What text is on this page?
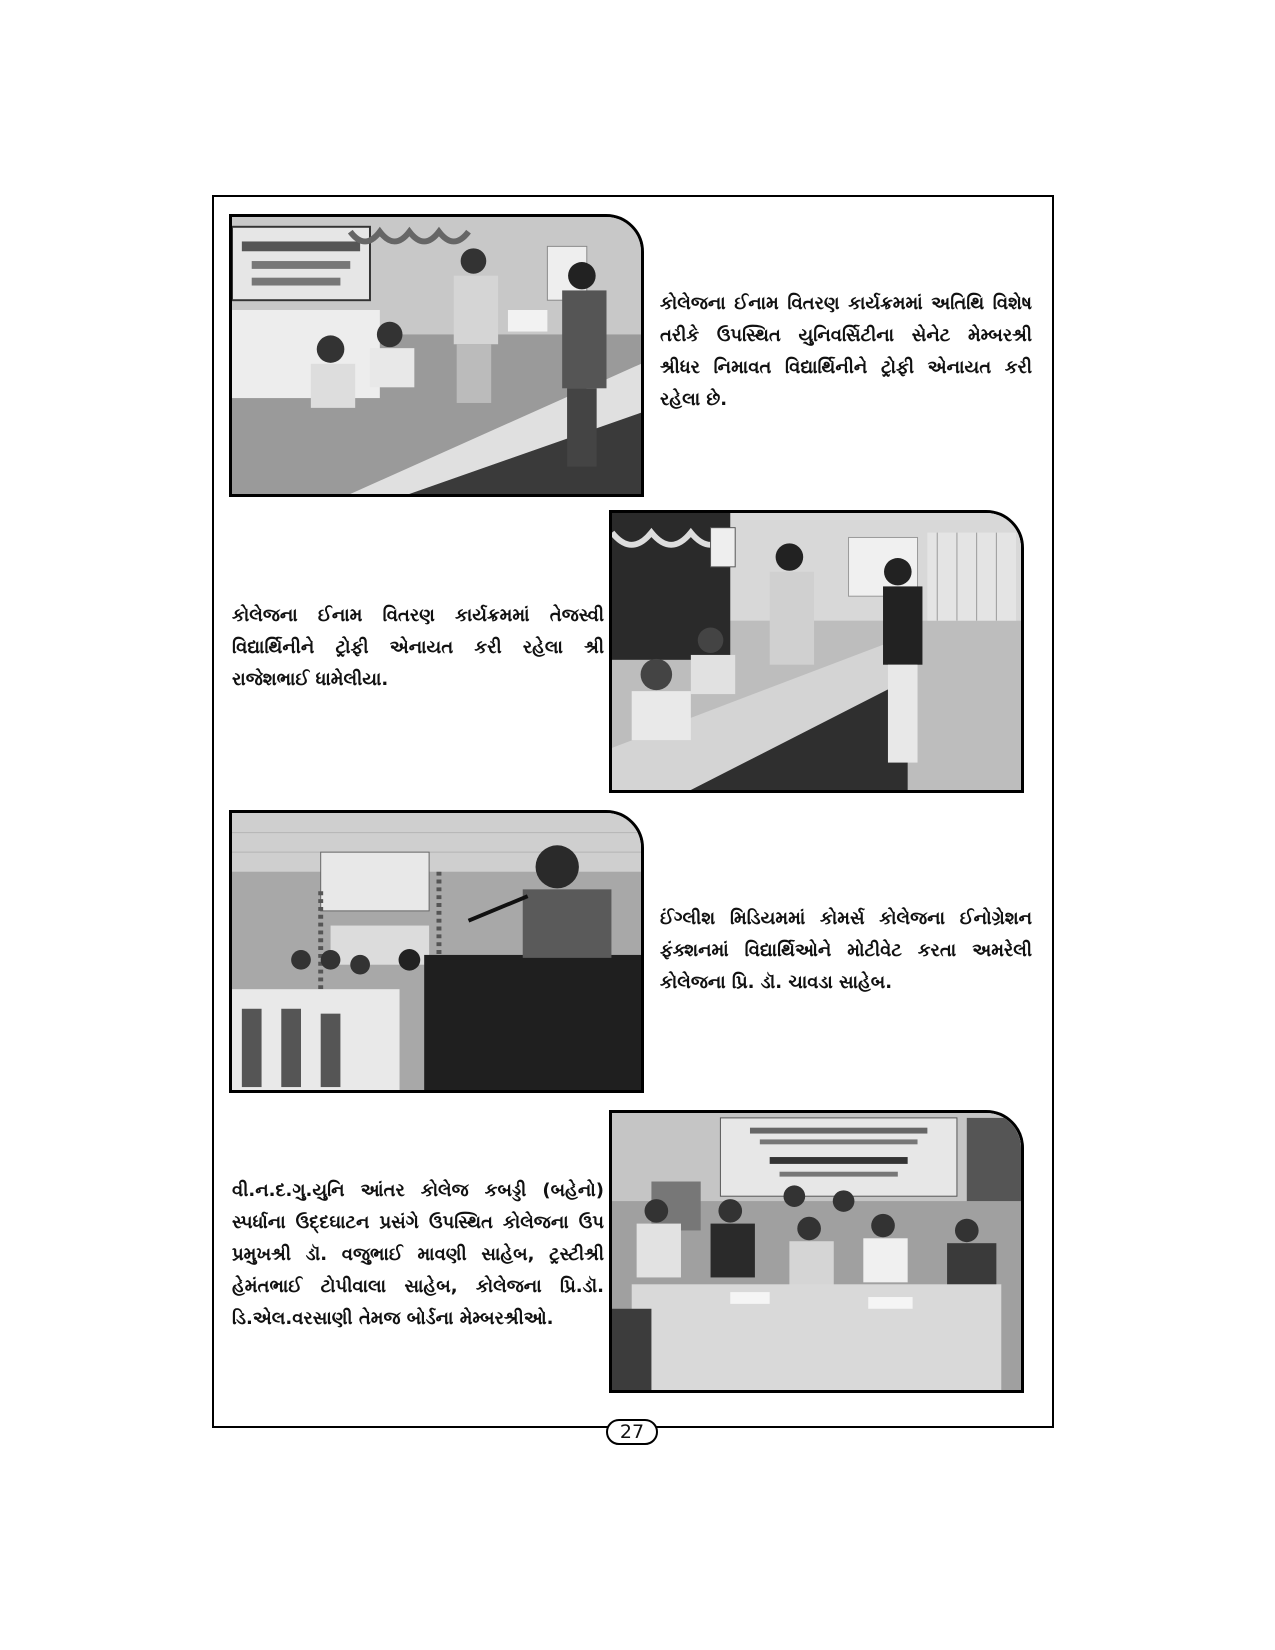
કોલેજના ઈનામ વિતરણ કાર્યક્રમમાં અતિથિ વિશેષ તરીકે ઉપસ્થિત યુનિવર્સિટીના સેનેટ મેમ્બરશ્રી શ્રીધર નિમાવત વિદ્યાર્થિનીને ટ્રોફી એનાયત કરી રહેલા છે.

કોલેજના ઈનામ વિતરણ કાર્યક્રમમાં તેજસ્વી વિદ્યાર્થિનીને ટ્રોફી એનાયત કરી રહેલા શ્રી રાજેશભાઈ ધામેલીયા.

ઈંગ્લીશ મિડિયમમાં કોમર્સ કોલેજના ઈનોગ્રેશન ફંક્શનમાં વિદ્યાર્થિઓને મોટીવેટ કરતા અમરેલી કોલેજના પ્રિ. ડૉ. ચાવડા સાહેબ.

વી.ન.દ.ગુ.યુનિ આંતર કોલેજ કબડ્ડી (બહેનો) સ્પર્ધાના ઉદ્દઘાટન પ્રસંગે ઉપસ્થિત કોલેજના ઉપ પ્રમુખશ્રી ડૉ. વજુભાઈ માવણી સાહેબ, ટ્રસ્ટીશ્રી હેમંતભાઈ ટોપીવાલા સાહેબ, કોલેજના પ્રિ.ડૉ. ડિ.એલ.વરસાણી તેમજ બોર્ડના મેમ્બરશ્રીઓ.

27
